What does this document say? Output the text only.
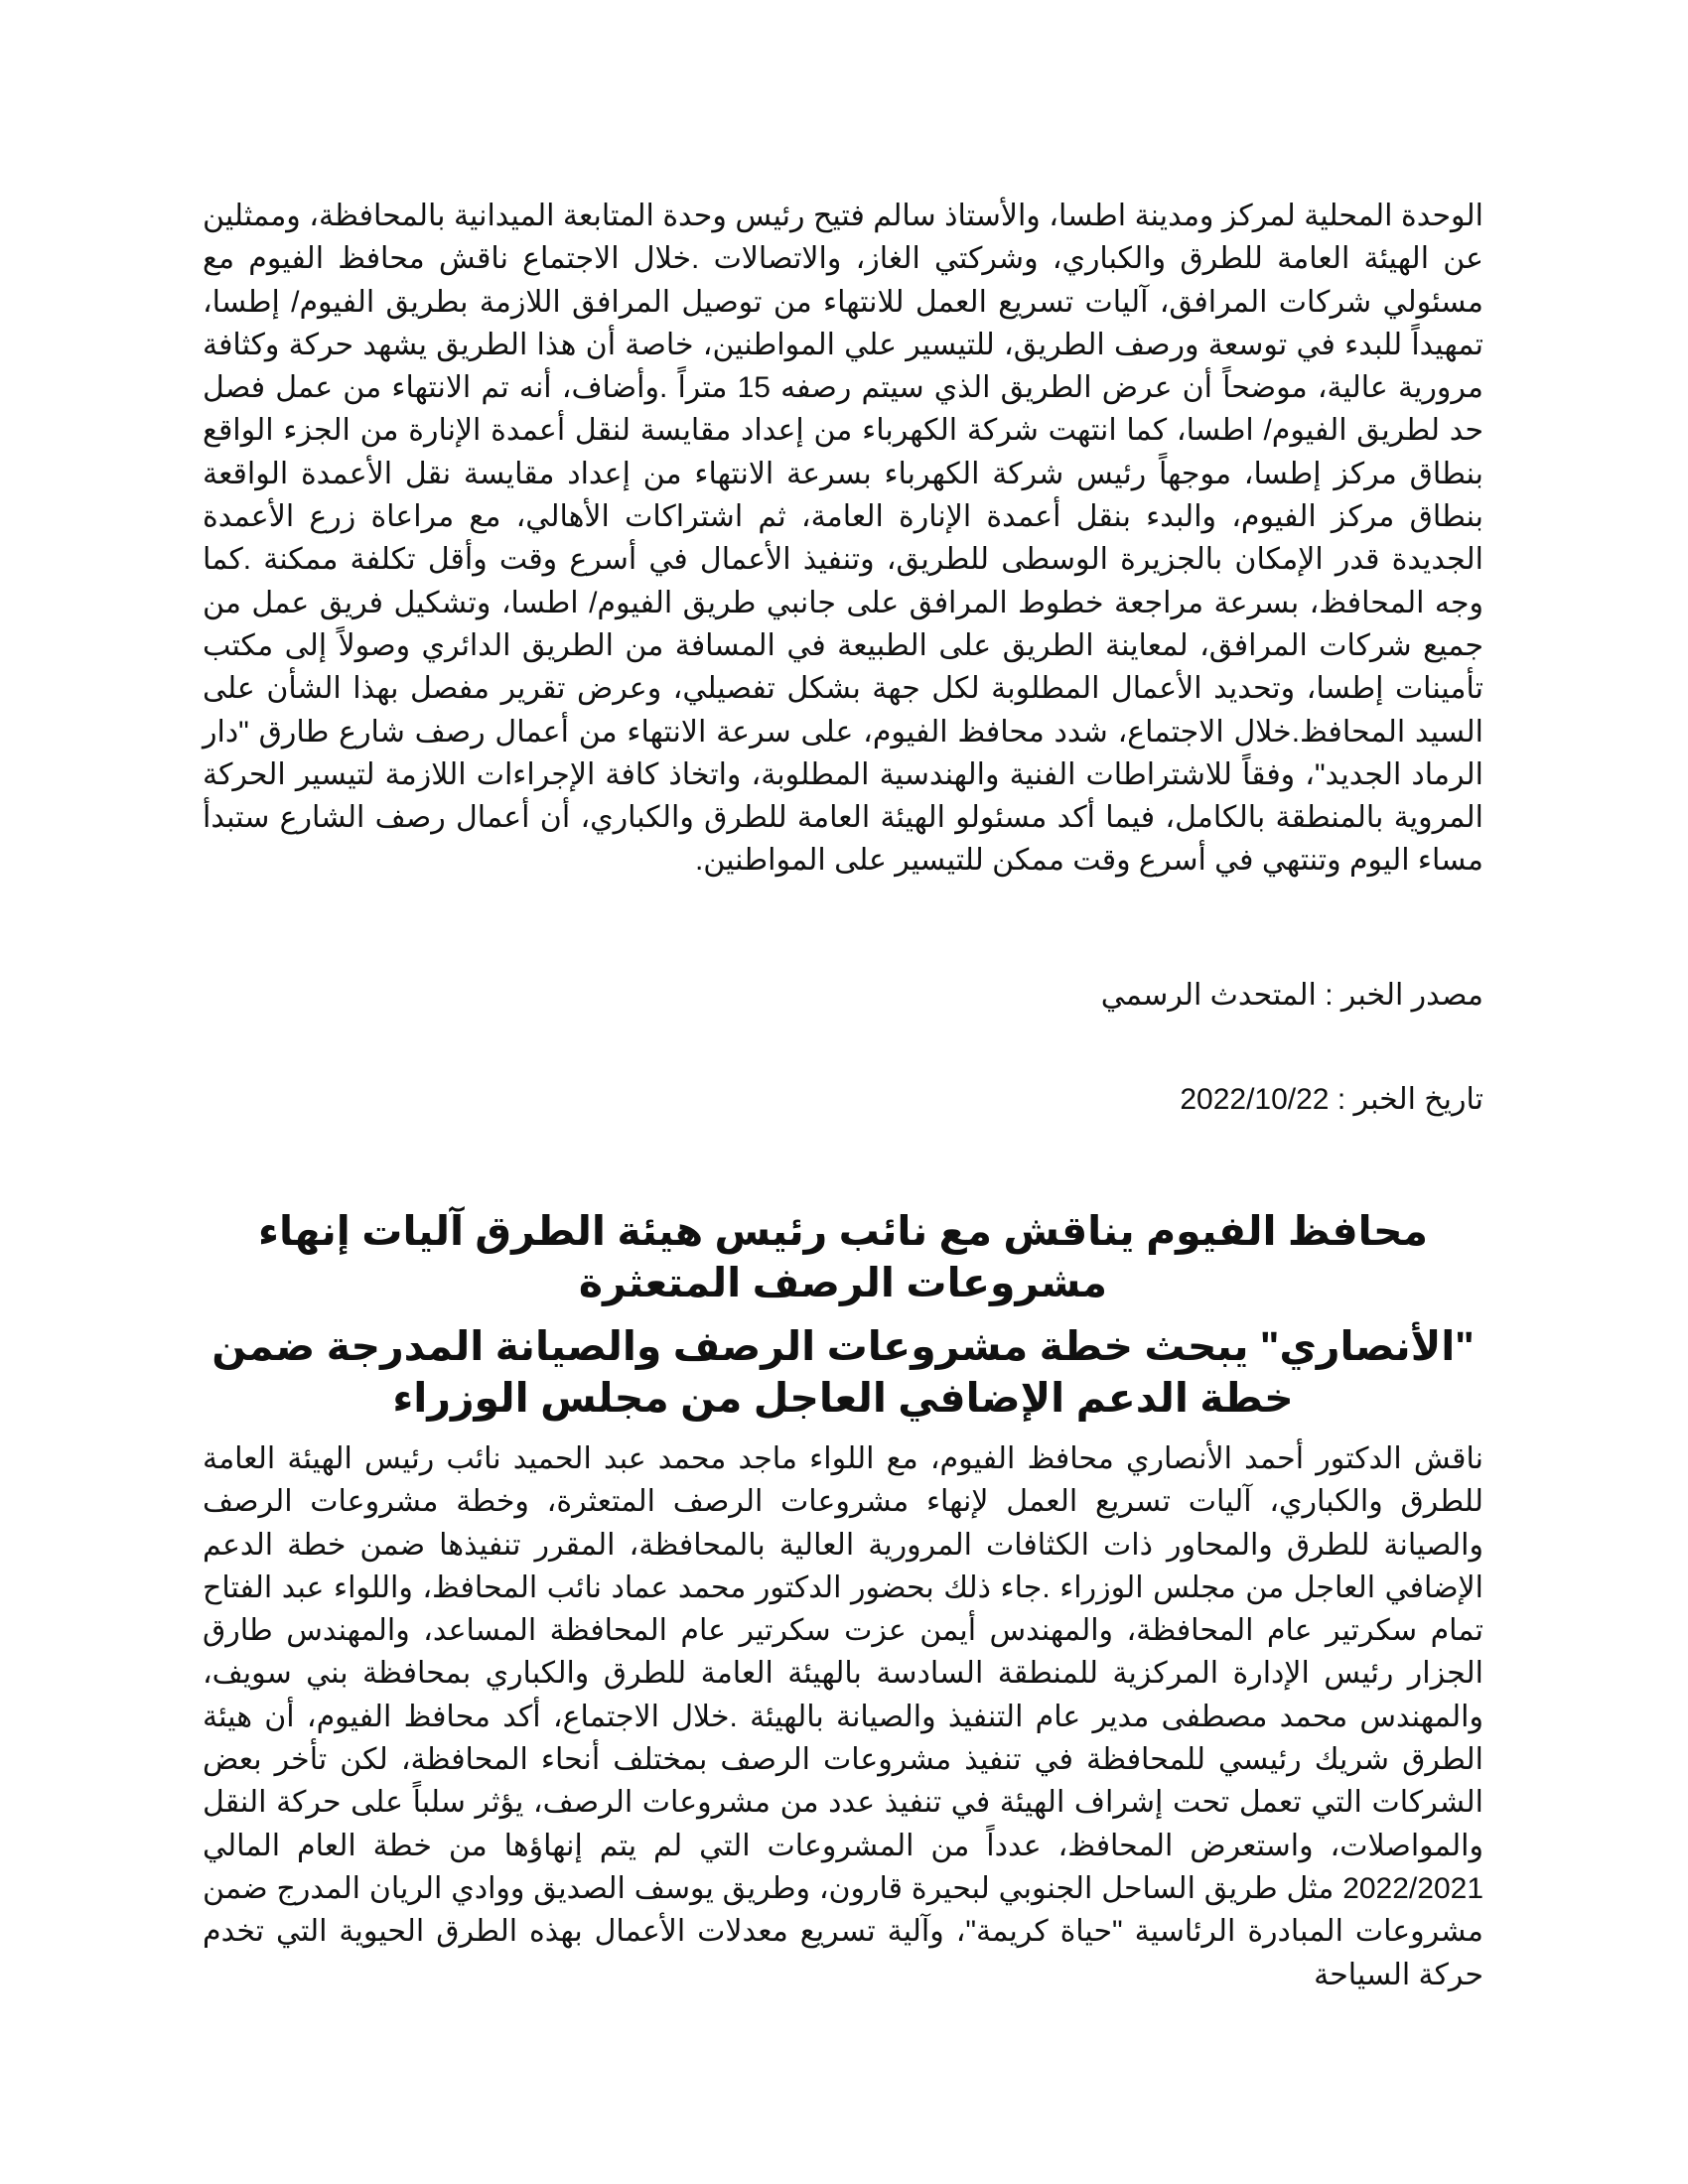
الوحدة المحلية لمركز ومدينة اطسا، والأستاذ سالم فتيح رئيس وحدة المتابعة الميدانية بالمحافظة، وممثلين عن الهيئة العامة للطرق والكباري، وشركتي الغاز، والاتصالات .خلال الاجتماع ناقش محافظ الفيوم مع مسئولي شركات المرافق، آليات تسريع العمل للانتهاء من توصيل المرافق اللازمة بطريق الفيوم/ إطسا، تمهيداً للبدء في توسعة ورصف الطريق، للتيسير علي المواطنين، خاصة أن هذا الطريق يشهد حركة وكثافة مرورية عالية، موضحاً أن عرض الطريق الذي سيتم رصفه 15 متراً .وأضاف، أنه تم الانتهاء من عمل فصل حد لطريق الفيوم/ اطسا، كما انتهت شركة الكهرباء من إعداد مقايسة لنقل أعمدة الإنارة من الجزء الواقع بنطاق مركز إطسا، موجهاً رئيس شركة الكهرباء بسرعة الانتهاء من إعداد مقايسة نقل الأعمدة الواقعة بنطاق مركز الفيوم، والبدء بنقل أعمدة الإنارة العامة، ثم اشتراكات الأهالي، مع مراعاة زرع الأعمدة الجديدة قدر الإمكان بالجزيرة الوسطى للطريق، وتنفيذ الأعمال في أسرع وقت وأقل تكلفة ممكنة .كما وجه المحافظ، بسرعة مراجعة خطوط المرافق على جانبي طريق الفيوم/ اطسا، وتشكيل فريق عمل من جميع شركات المرافق، لمعاينة الطريق على الطبيعة في المسافة من الطريق الدائري وصولاً إلى مكتب تأمينات إطسا، وتحديد الأعمال المطلوبة لكل جهة بشكل تفصيلي، وعرض تقرير مفصل بهذا الشأن على السيد المحافظ.خلال الاجتماع، شدد محافظ الفيوم، على سرعة الانتهاء من أعمال رصف شارع طارق "دار الرماد الجديد"، وفقاً للاشتراطات الفنية والهندسية المطلوبة، واتخاذ كافة الإجراءات اللازمة لتيسير الحركة المروية بالمنطقة بالكامل، فيما أكد مسئولو الهيئة العامة للطرق والكباري، أن أعمال رصف الشارع ستبدأ مساء اليوم وتنتهي في أسرع وقت ممكن للتيسير على المواطنين.

مصدر الخبر : المتحدث الرسمي
تاريخ الخبر : 2022/10/22
محافظ الفيوم يناقش مع نائب رئيس هيئة الطرق آليات إنهاء مشروعات الرصف المتعثرة
"الأنصاري" يبحث خطة مشروعات الرصف والصيانة المدرجة ضمن خطة الدعم الإضافي العاجل من مجلس الوزراء

ناقش الدكتور أحمد الأنصاري محافظ الفيوم، مع اللواء ماجد محمد عبد الحميد نائب رئيس الهيئة العامة للطرق والكباري، آليات تسريع العمل لإنهاء مشروعات الرصف المتعثرة، وخطة مشروعات الرصف والصيانة للطرق والمحاور ذات الكثافات المرورية العالية بالمحافظة، المقرر تنفيذها ضمن خطة الدعم الإضافي العاجل من مجلس الوزراء .جاء ذلك بحضور الدكتور محمد عماد نائب المحافظ، واللواء عبد الفتاح تمام سكرتير عام المحافظة، والمهندس أيمن عزت سكرتير عام المحافظة المساعد، والمهندس طارق الجزار رئيس الإدارة المركزية للمنطقة السادسة بالهيئة العامة للطرق والكباري بمحافظة بني سويف، والمهندس محمد مصطفى مدير عام التنفيذ والصيانة بالهيئة .خلال الاجتماع، أكد محافظ الفيوم، أن هيئة الطرق شريك رئيسي للمحافظة في تنفيذ مشروعات الرصف بمختلف أنحاء المحافظة، لكن تأخر بعض الشركات التي تعمل تحت إشراف الهيئة في تنفيذ عدد من مشروعات الرصف، يؤثر سلباً على حركة النقل والمواصلات، واستعرض المحافظ، عدداً من المشروعات التي لم يتم إنهاؤها من خطة العام المالي 2022/2021 مثل طريق الساحل الجنوبي لبحيرة قارون، وطريق يوسف الصديق ووادي الريان المدرج ضمن مشروعات المبادرة الرئاسية "حياة كريمة"، وآلية تسريع معدلات الأعمال بهذه الطرق الحيوية التي تخدم حركة السياحة
